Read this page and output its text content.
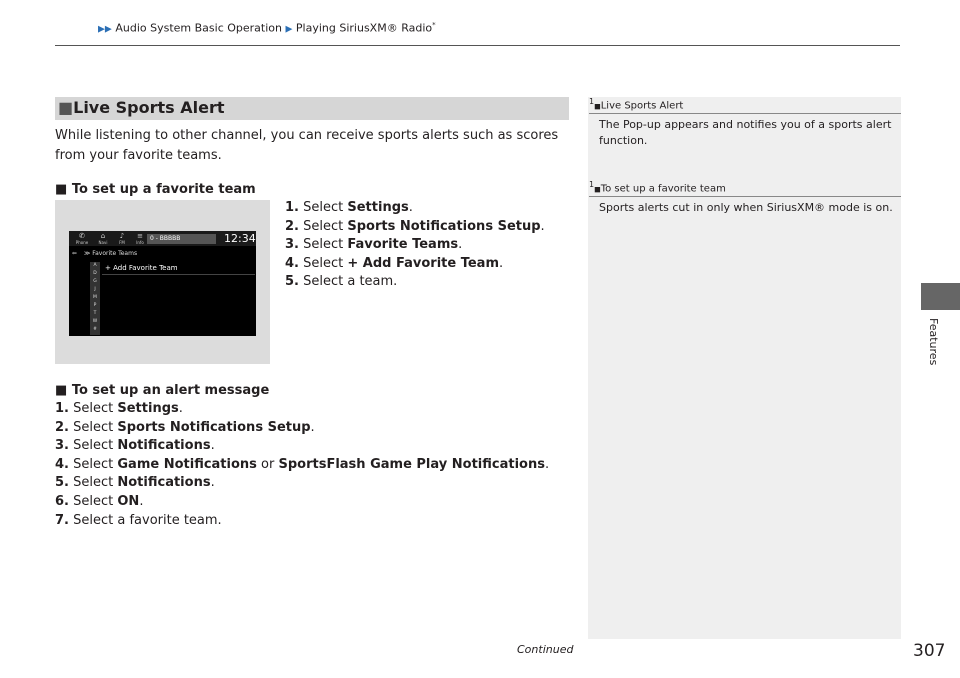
▶▶ Audio System Basic Operation ▶ Playing SiriusXM® Radio*
Features
■Live Sports Alert
While listening to other channel, you can receive sports alerts such as scores from your favorite teams.
■ To set up a favorite team
1. Select Settings.
2. Select Sports Notifications Setup.
3. Select Favorite Teams.
4. Select + Add Favorite Team.
5. Select a team.
✆
Phone
⌂
Navi
♪
FM
≡
Info
0 - BBBBB	12:34
⇚ ≫ Favorite Teams
A
D
G
J
M
P
T
W
#
+ Add Favorite Team
■ To set up an alert message
1. Select Settings.
2. Select Sports Notifications Setup.
3. Select Notifications.
4. Select Game Notifications or SportsFlash Game Play Notifications.
5. Select Notifications.
6. Select ON.
7. Select a favorite team.
$^1$■Live Sports Alert
The Pop-up appears and notifies you of a sports alert function.
$^1$■To set up a favorite team
Sports alerts cut in only when SiriusXM® mode is on.
Continued	307
